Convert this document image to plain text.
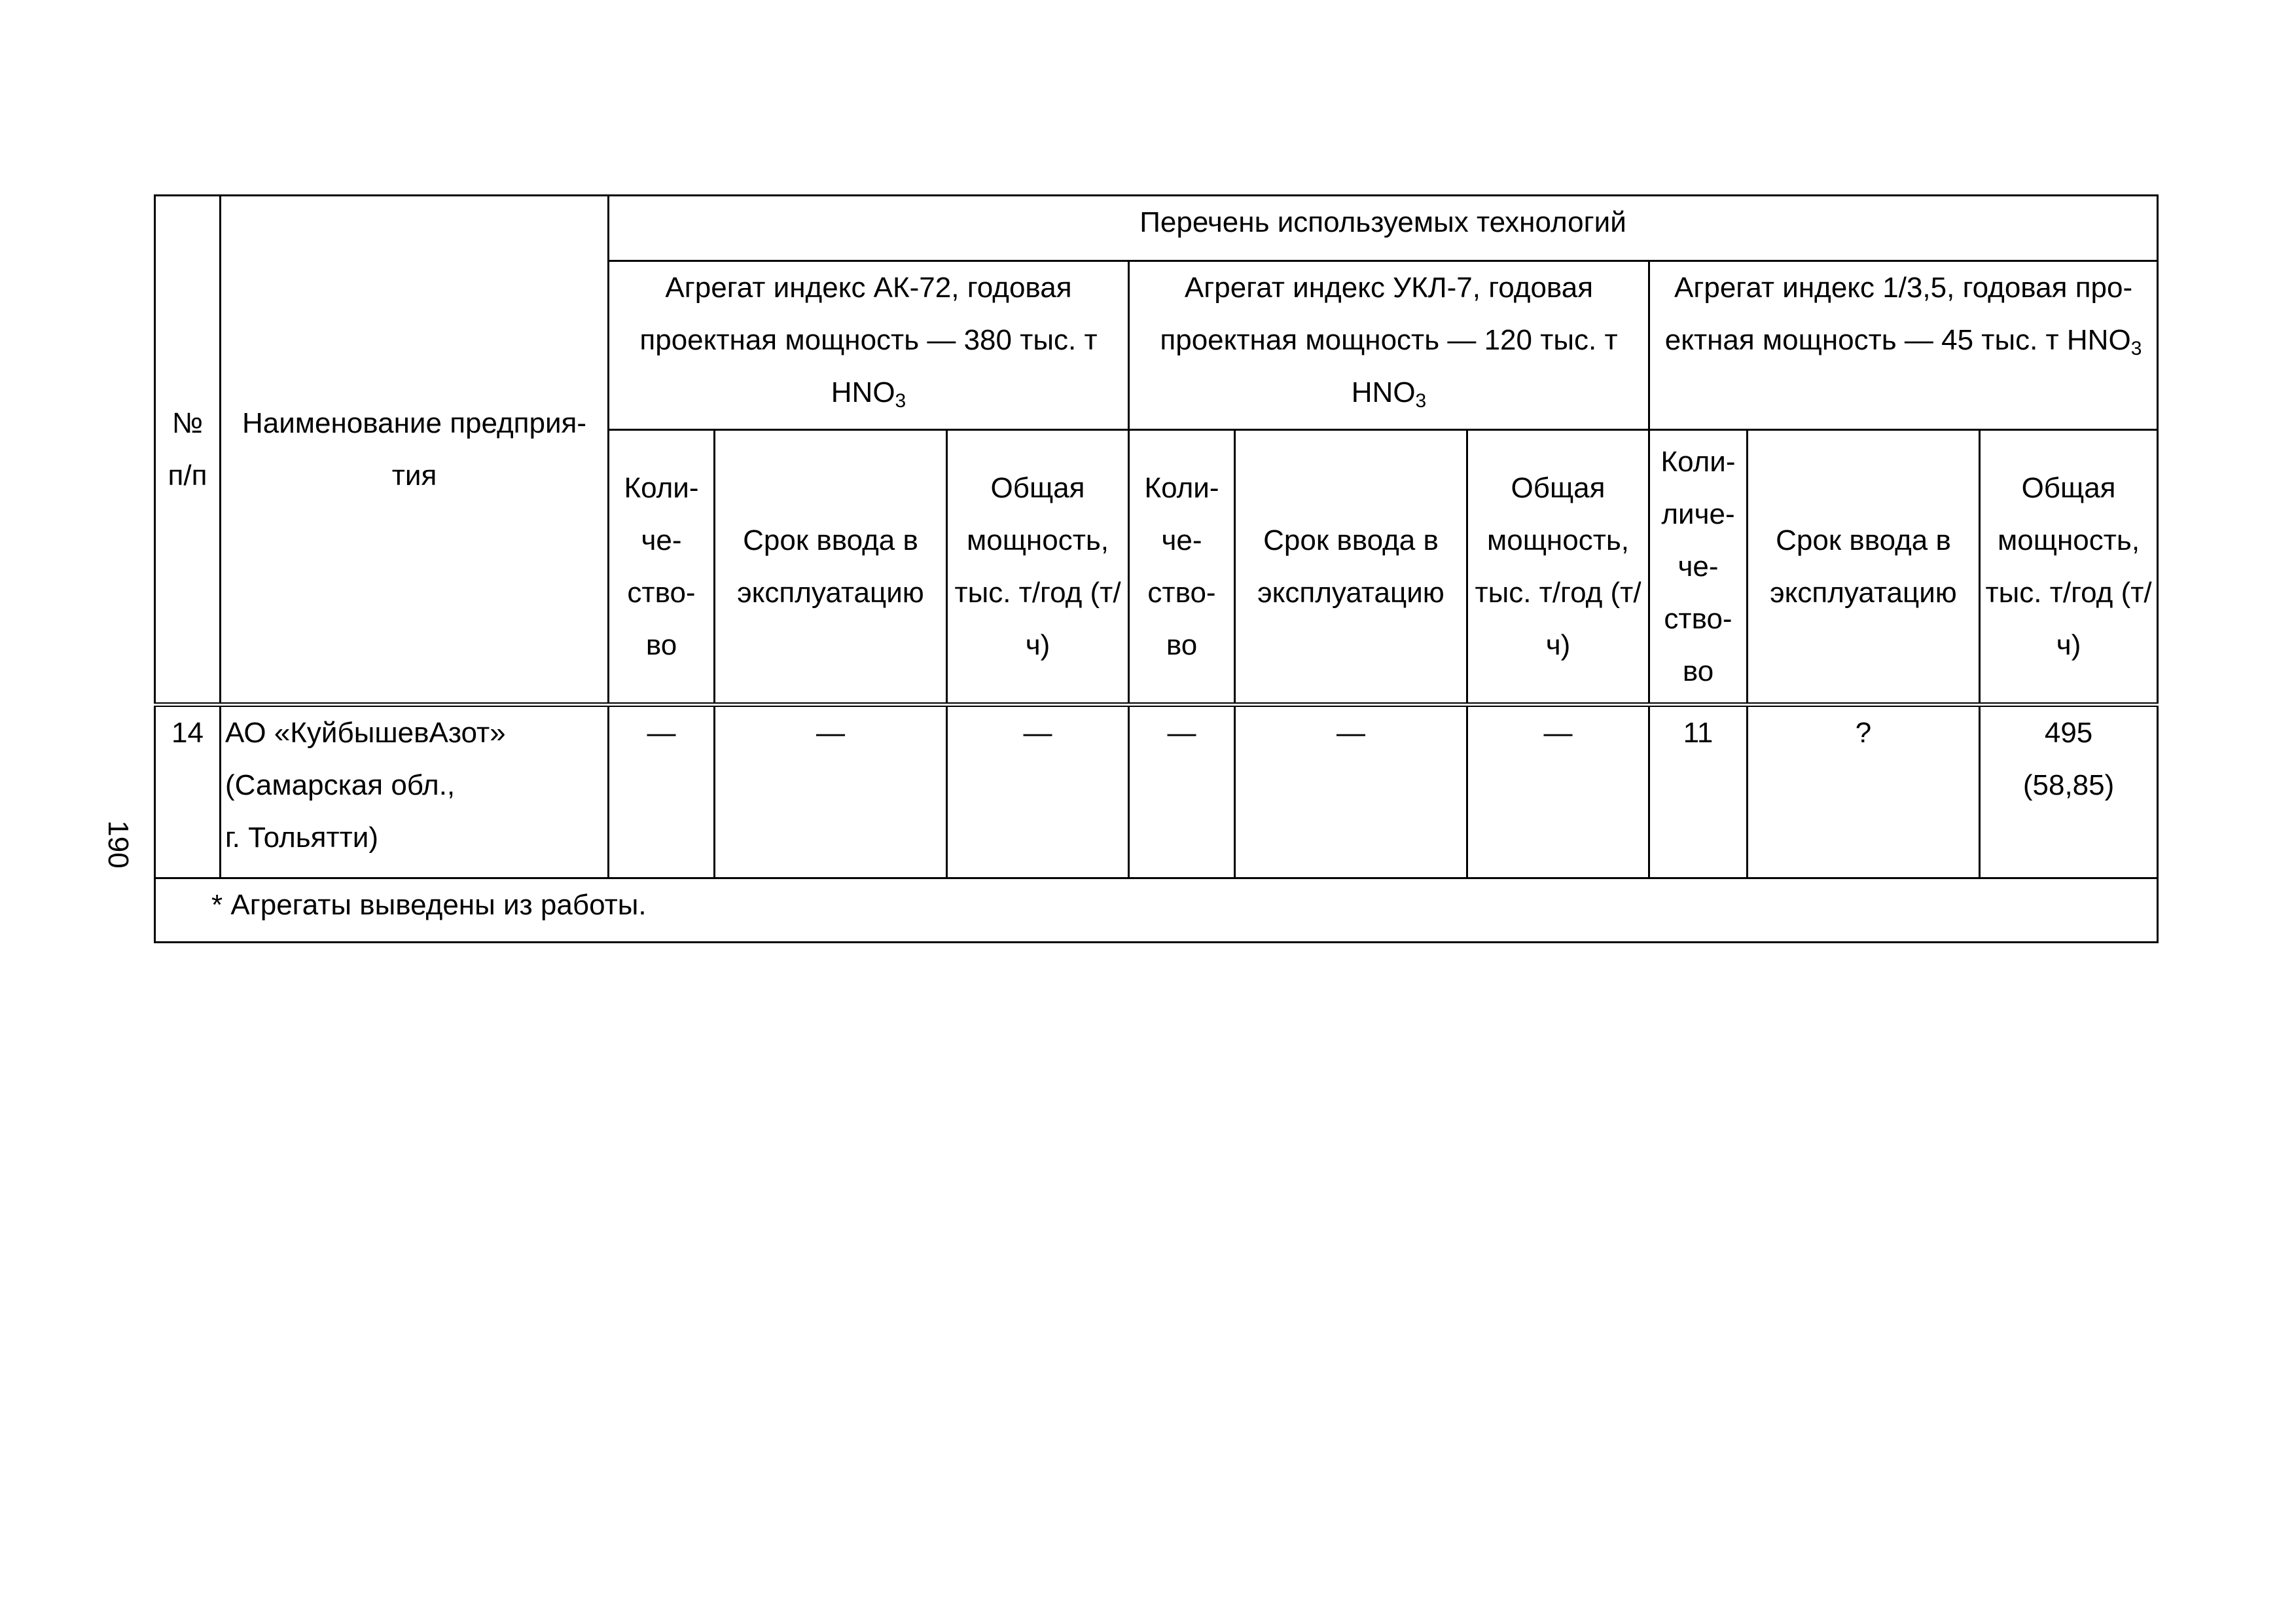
190
№ п/п	Наименование предприя-тия	Перечень используемых технологий								
		Агрегат индекс АК-72, годовая проектная мощность — 380 тыс. т $HNO_3$			Агрегат индекс УКЛ-7, годовая проектная мощность — 120 тыс. т $HNO_3$			Агрегат индекс 1/3,5, годовая про-ектная мощность — 45 тыс. т $HNO_3$
		Коли-
че-
ство-
во	Срок ввода в эксплуатацию	Общая мощность, тыс. т/год (т/ч)	Коли-
че-
ство-
во	Срок ввода в эксплуатацию	Общая мощность, тыс. т/год (т/ч)	Коли-
личе-
че-
ство-
во	Срок ввода в эксплуатацию	Общая мощность, тыс. т/год (т/ч)
14	АО «КуйбышевАзот»
(Самарская обл.,
г. Тольятти)	—	—	—	—	—	—	11	?	495
(58,85)
* Агрегаты выведены из работы.										
